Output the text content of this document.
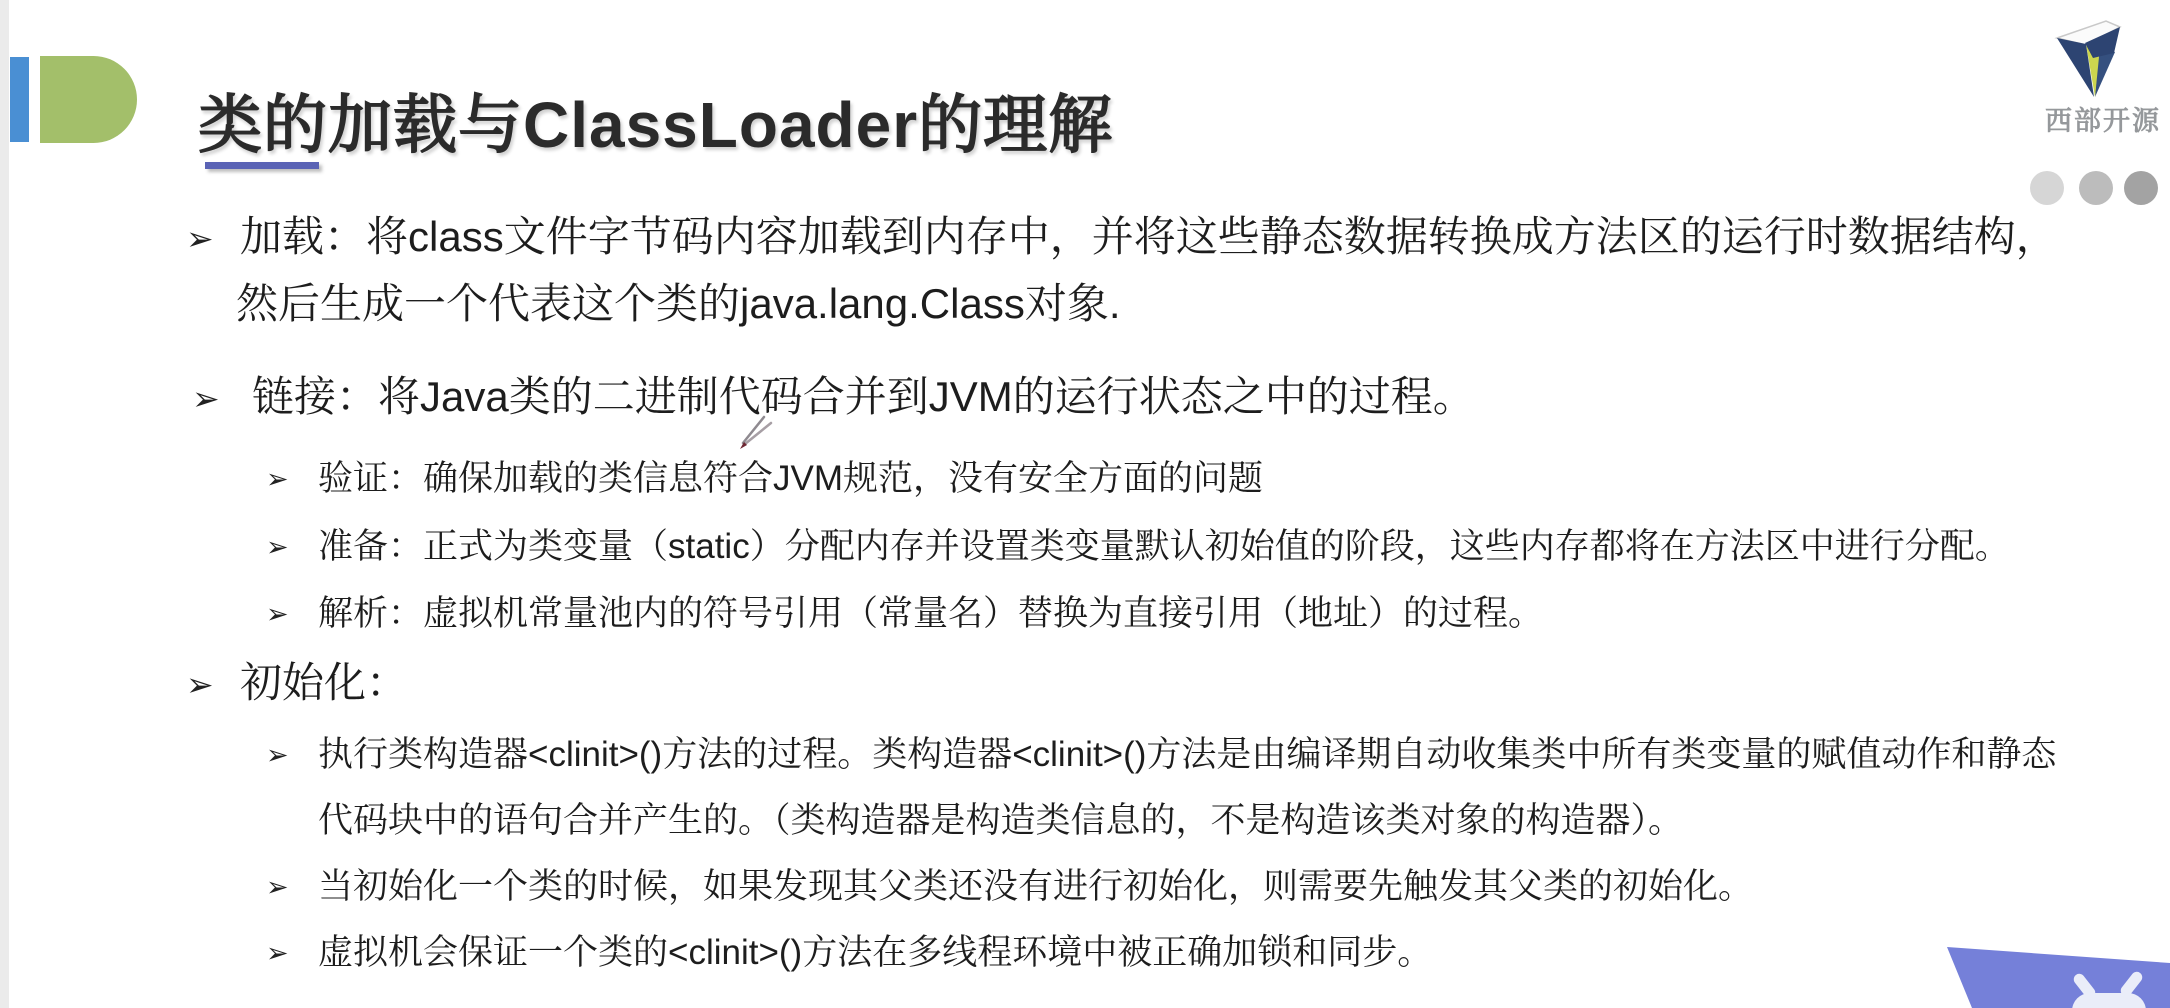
类的加载与ClassLoader的理解	西部开源
➢ 加载：将class文件字节码内容加载到内存中，并将这些静态数据转换成方法区的运行时数据结构，
然后生成一个代表这个类的java.lang.Class对象.
➢ 链接：将Java类的二进制代码合并到JVM的运行状态之中的过程。
➢ 验证：确保加载的类信息符合JVM规范，没有安全方面的问题
➢ 准备：正式为类变量（static）分配内存并设置类变量默认初始值的阶段，这些内存都将在方法区中进行分配。
➢ 解析：虚拟机常量池内的符号引用（常量名）替换为直接引用（地址）的过程。
➢ 初始化：
➢ 执行类构造器<clinit>()方法的过程。类构造器<clinit>()方法是由编译期自动收集类中所有类变量的赋值动作和静态
代码块中的语句合并产生的。（类构造器是构造类信息的，不是构造该类对象的构造器）。
➢ 当初始化一个类的时候，如果发现其父类还没有进行初始化，则需要先触发其父类的初始化。
➢ 虚拟机会保证一个类的<clinit>()方法在多线程环境中被正确加锁和同步。
